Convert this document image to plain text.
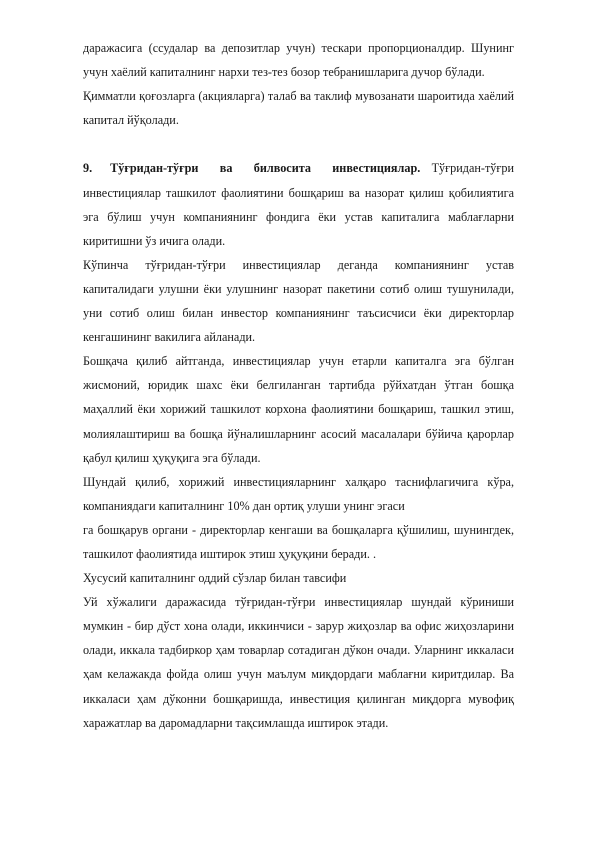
даражасига (ссудалар ва депозитлар учун) тескари пропорционалдир. Шунинг учун хаёлий капиталнинг нархи тез-тез бозор тебранишларига дучор бўлади.

Қимматли қоғозларга (акцияларга) талаб ва таклиф мувозанати шароитида хаёлий капитал йўқолади.

9. Тўғридан-тўғри ва билвосита инвестициялар. Тўғридан-тўғри инвестициялар ташкилот фаолиятини бошқариш ва назорат қилиш қобилиятига эга бўлиш учун компаниянинг фондига ёки устав капиталига маблағларни киритишни ўз ичига олади.

Кўпинча тўғридан-тўғри инвестициялар деганда компаниянинг устав капиталидаги улушни ёки улушнинг назорат пакетини сотиб олиш тушунилади, уни сотиб олиш билан инвестор компаниянинг таъсисчиси ёки директорлар кенгашининг вакилига айланади.

Бошқача қилиб айтганда, инвестициялар учун етарли капиталга эга бўлган жисмоний, юридик шахс ёки белгиланган тартибда рўйхатдан ўтган бошқа маҳаллий ёки хорижий ташкилот корхона фаолиятини бошқариш, ташкил этиш, молиялаштириш ва бошқа йўналишларнинг асосий масалалари бўйича қарорлар қабул қилиш ҳуқуқига эга бўлади.

Шундай қилиб, хорижий инвестицияларнинг халқаро таснифлагичига кўра, компаниядаги капиталнинг 10% дан ортиқ улуши унинг эгаси

га бошқарув органи - директорлар кенгаши ва бошқаларга қўшилиш, шунингдек, ташкилот фаолиятида иштирок этиш ҳуқуқини беради. .

Хусусий капиталнинг оддий сўзлар билан тавсифи

Уй хўжалиги даражасида тўғридан-тўғри инвестициялар шундай кўриниши мумкин - бир дўст хона олади, иккинчиси - зарур жиҳозлар ва офис жиҳозларини олади, иккала тадбиркор ҳам товарлар сотадиган дўкон очади. Уларнинг иккаласи ҳам келажакда фойда олиш учун маълум миқдордаги маблағни киритдилар. Ва иккаласи ҳам дўконни бошқаришда, инвестиция қилинган миқдорга мувофиқ харажатлар ва даромадларни тақсимлашда иштирок этади.
